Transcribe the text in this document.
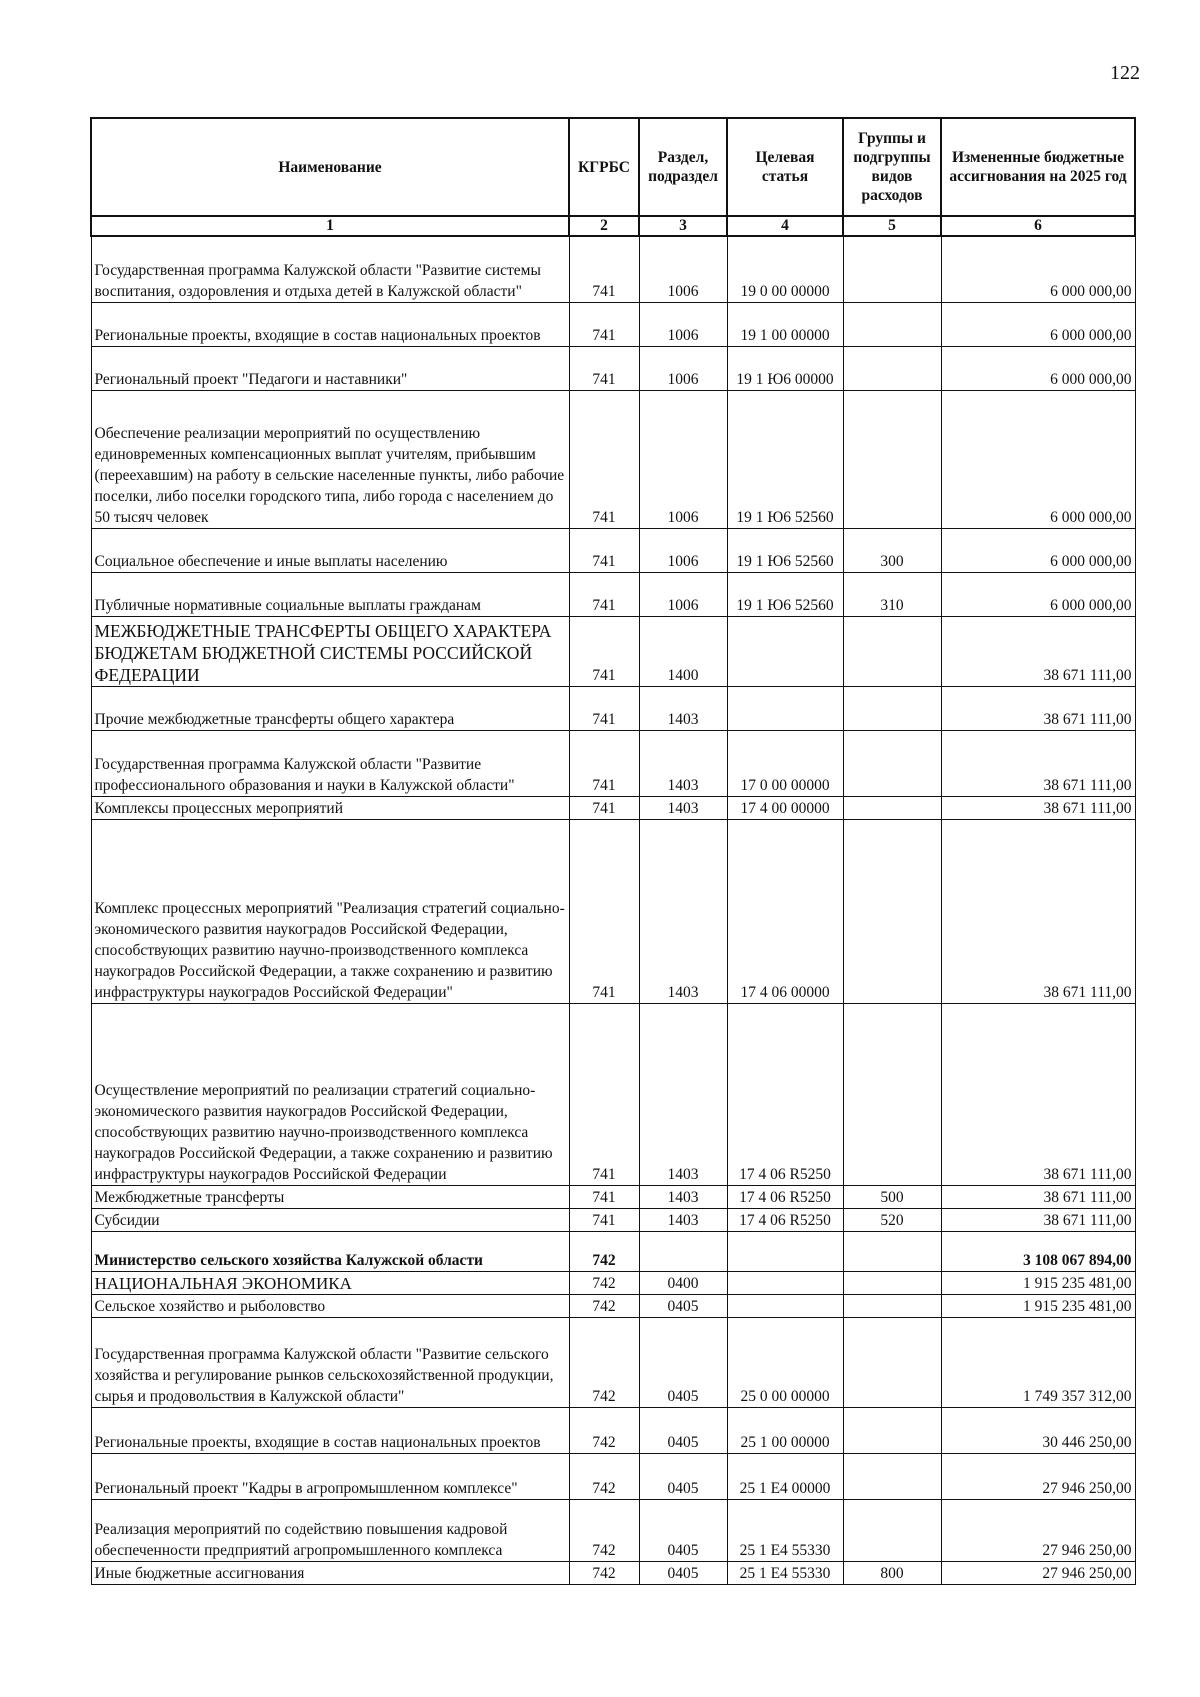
122
Наименование	КГРБС	Раздел, подраздел	Целевая статья	Группы и подгруппы видов расходов	Измененные бюджетные ассигнования на 2025 год
1	2	3	4	5	6
Государственная программа Калужской области "Развитие системы воспитания, оздоровления и отдыха детей в Калужской области"	741	1006	19 0 00 00000		6 000 000,00
Региональные проекты, входящие в состав национальных проектов	741	1006	19 1 00 00000		6 000 000,00
Региональный проект "Педагоги и наставники"	741	1006	19 1 Ю6 00000		6 000 000,00
Обеспечение реализации мероприятий по осуществлению единовременных компенсационных выплат учителям, прибывшим (переехавшим) на работу в сельские населенные пункты, либо рабочие поселки, либо поселки городского типа, либо города с населением до 50 тысяч человек	741	1006	19 1 Ю6 52560		6 000 000,00
Социальное обеспечение и иные выплаты населению	741	1006	19 1 Ю6 52560	300	6 000 000,00
Публичные нормативные социальные выплаты гражданам	741	1006	19 1 Ю6 52560	310	6 000 000,00
МЕЖБЮДЖЕТНЫЕ ТРАНСФЕРТЫ ОБЩЕГО ХАРАКТЕРА БЮДЖЕТАМ БЮДЖЕТНОЙ СИСТЕМЫ РОССИЙСКОЙ ФЕДЕРАЦИИ	741	1400			38 671 111,00
Прочие межбюджетные трансферты общего характера	741	1403			38 671 111,00
Государственная программа Калужской области "Развитие профессионального образования и науки в Калужской области"	741	1403	17 0 00 00000		38 671 111,00
Комплексы процессных мероприятий	741	1403	17 4 00 00000		38 671 111,00
Комплекс процессных мероприятий "Реализация стратегий социально-экономического развития наукоградов Российской Федерации, способствующих развитию научно-производственного комплекса наукоградов Российской Федерации, а также сохранению и развитию инфраструктуры наукоградов Российской Федерации"	741	1403	17 4 06 00000		38 671 111,00
Осуществление мероприятий по реализации стратегий социально-экономического развития наукоградов Российской Федерации, способствующих развитию научно-производственного комплекса наукоградов Российской Федерации, а также сохранению и развитию инфраструктуры наукоградов Российской Федерации	741	1403	17 4 06 R5250		38 671 111,00
Межбюджетные трансферты	741	1403	17 4 06 R5250	500	38 671 111,00
Субсидии	741	1403	17 4 06 R5250	520	38 671 111,00
Министерство сельского хозяйства Калужской области	742				3 108 067 894,00
НАЦИОНАЛЬНАЯ ЭКОНОМИКА	742	0400			1 915 235 481,00
Сельское хозяйство и рыболовство	742	0405			1 915 235 481,00
Государственная программа Калужской области "Развитие сельского хозяйства и регулирование рынков сельскохозяйственной продукции, сырья и продовольствия в Калужской области"	742	0405	25 0 00 00000		1 749 357 312,00
Региональные проекты, входящие в состав национальных проектов	742	0405	25 1 00 00000		30 446 250,00
Региональный проект "Кадры в агропромышленном комплексе"	742	0405	25 1 E4 00000		27 946 250,00
Реализация мероприятий по содействию повышения кадровой обеспеченности предприятий агропромышленного комплекса	742	0405	25 1 E4 55330		27 946 250,00
Иные бюджетные ассигнования	742	0405	25 1 E4 55330	800	27 946 250,00
